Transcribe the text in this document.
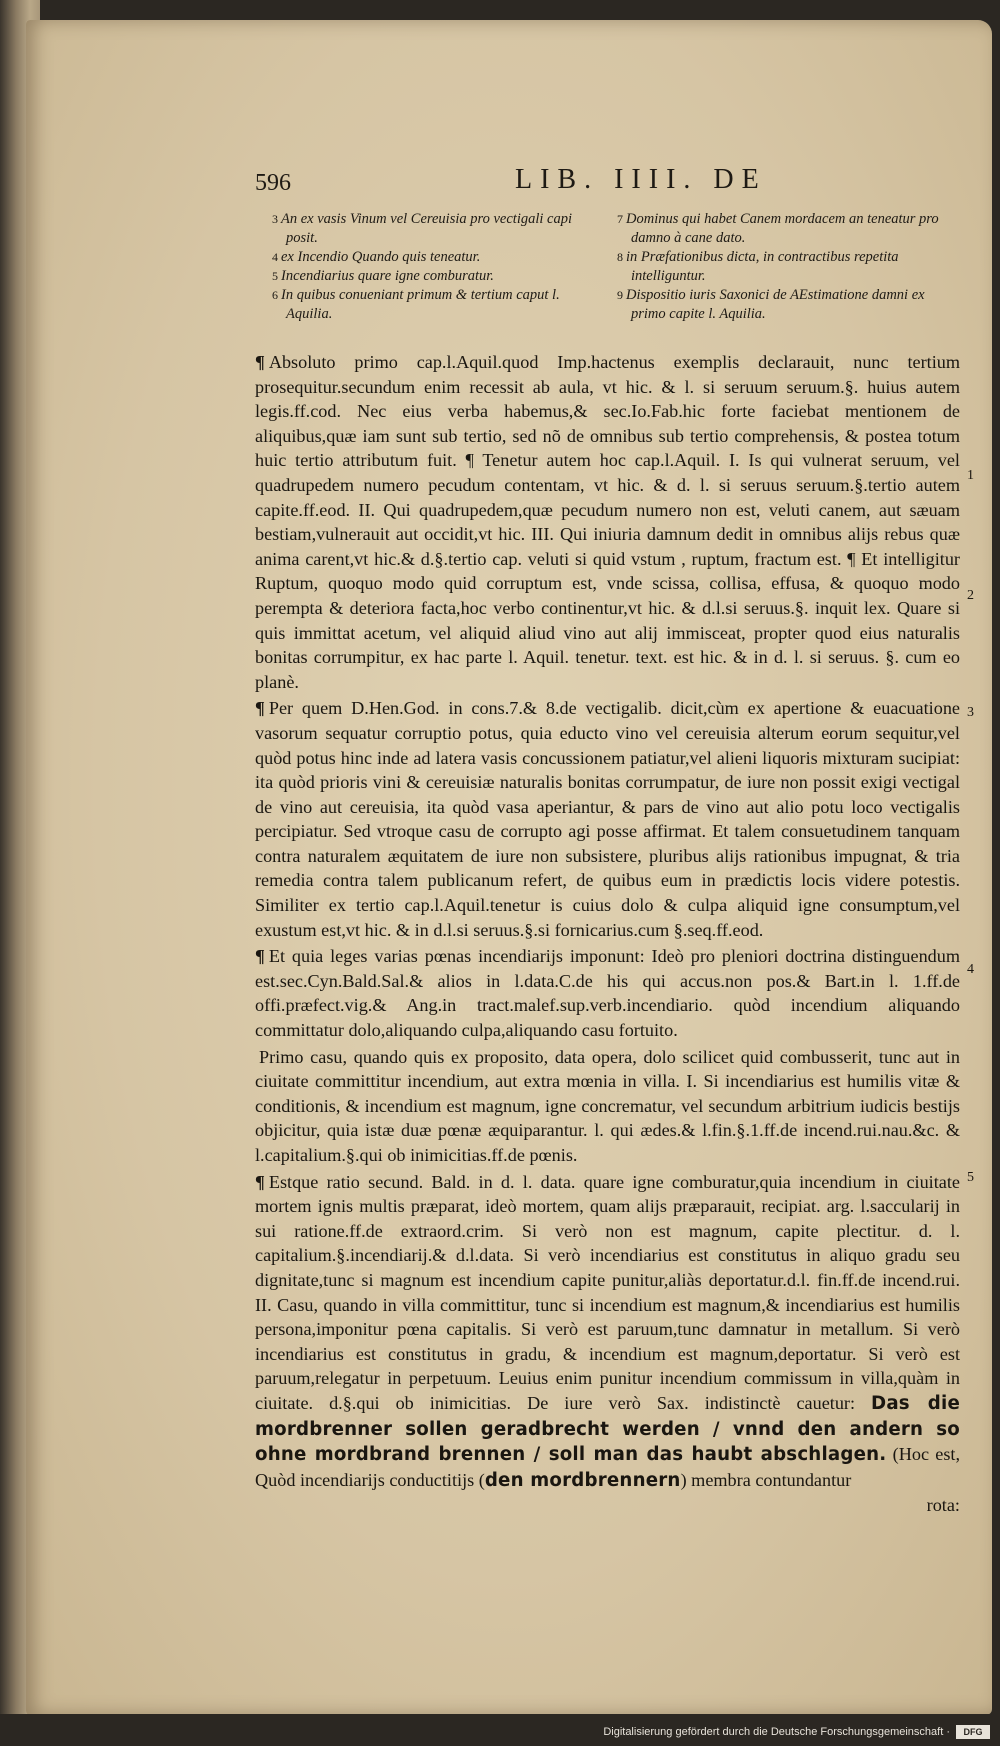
596	LIB. IIII. DE
3 An ex vasis Vinum vel Cereuisia pro vectigali capi posit.
4 ex Incendio Quando quis teneatur.
5 Incendiarius quare igne comburatur.
6 In quibus conueniant primum & tertium caput l. Aquilia.
7 Dominus qui habet Canem mordacem an teneatur pro damno à cane dato.
8 in Præfationibus dicta, in contractibus repetita intelliguntur.
9 Dispositio iuris Saxonici de AEstimatione damni ex primo capite l. Aquilia.
1
2
3
4
5

¶ Absoluto primo cap.l.Aquil.quod Imp.hactenus exemplis declarauit, nunc tertium prosequitur.secundum enim recessit ab aula, vt hic. & l. si seruum seruum.§. huius autem legis.ff.cod. Nec eius verba habemus,& sec.Io.Fab.hic forte faciebat mentionem de aliquibus,quæ iam sunt sub tertio, sed nõ de omnibus sub tertio comprehensis, & postea totum huic tertio attributum fuit. ¶ Tenetur autem hoc cap.l.Aquil. I. Is qui vulnerat seruum, vel quadrupedem numero pecudum contentam, vt hic. & d. l. si seruus seruum.§.tertio autem capite.ff.eod. II. Qui quadrupedem,quæ pecudum numero non est, veluti canem, aut sæuam bestiam,vulnerauit aut occidit,vt hic. III. Qui iniuria damnum dedit in omnibus alijs rebus quæ anima carent,vt hic.& d.§.tertio cap. veluti si quid vstum , ruptum, fractum est. ¶ Et intelligitur Ruptum, quoquo modo quid corruptum est, vnde scissa, collisa, effusa, & quoquo modo perempta & deteriora facta,hoc verbo continentur,vt hic. & d.l.si seruus.§. inquit lex. Quare si quis immittat acetum, vel aliquid aliud vino aut alij immisceat, propter quod eius naturalis bonitas corrumpitur, ex hac parte l. Aquil. tenetur. text. est hic. & in d. l. si seruus. §. cum eo planè.

¶ Per quem D.Hen.God. in cons.7.& 8.de vectigalib. dicit,cùm ex apertione & euacuatione vasorum sequatur corruptio potus, quia educto vino vel cereuisia alterum eorum sequitur,vel quòd potus hinc inde ad latera vasis concussionem patiatur,vel alieni liquoris mixturam sucipiat: ita quòd prioris vini & cereuisiæ naturalis bonitas corrumpatur, de iure non possit exigi vectigal de vino aut cereuisia, ita quòd vasa aperiantur, & pars de vino aut alio potu loco vectigalis percipiatur. Sed vtroque casu de corrupto agi posse affirmat. Et talem consuetudinem tanquam contra naturalem æquitatem de iure non subsistere, pluribus alijs rationibus impugnat, & tria remedia contra talem publicanum refert, de quibus eum in prædictis locis videre potestis. Similiter ex tertio cap.l.Aquil.tenetur is cuius dolo & culpa aliquid igne consumptum,vel exustum est,vt hic. & in d.l.si seruus.§.si fornicarius.cum §.seq.ff.eod.

¶ Et quia leges varias pœnas incendiarijs imponunt: Ideò pro pleniori doctrina distinguendum est.sec.Cyn.Bald.Sal.& alios in l.data.C.de his qui accus.non pos.& Bart.in l. 1.ff.de offi.præfect.vig.& Ang.in tract.malef.sup.verb.incendiario. quòd incendium aliquando committatur dolo,aliquando culpa,aliquando casu fortuito.

Primo casu, quando quis ex proposito, data opera, dolo scilicet quid combusserit, tunc aut in ciuitate committitur incendium, aut extra mœnia in villa. I. Si incendiarius est humilis vitæ & conditionis, & incendium est magnum, igne concrematur, vel secundum arbitrium iudicis bestijs objicitur, quia istæ duæ pœnæ æquiparantur. l. qui ædes.& l.fin.§.1.ff.de incend.rui.nau.&c. & l.capitalium.§.qui ob inimicitias.ff.de pœnis.

¶ Estque ratio secund. Bald. in d. l. data. quare igne comburatur,quia incendium in ciuitate mortem ignis multis præparat, ideò mortem, quam alijs præparauit, recipiat. arg. l.saccularij in sui ratione.ff.de extraord.crim. Si verò non est magnum, capite plectitur. d. l. capitalium.§.incendiarij.& d.l.data. Si verò incendiarius est constitutus in aliquo gradu seu dignitate,tunc si magnum est incendium capite punitur,aliàs deportatur.d.l. fin.ff.de incend.rui. II. Casu, quando in villa committitur, tunc si incendium est magnum,& incendiarius est humilis persona,imponitur pœna capitalis. Si verò est paruum,tunc damnatur in metallum. Si verò incendiarius est constitutus in gradu, & incendium est magnum,deportatur. Si verò est paruum,relegatur in perpetuum. Leuius enim punitur incendium commissum in villa,quàm in ciuitate. d.§.qui ob inimicitias. De iure verò Sax. indistinctè cauetur: Das die mordbrenner sollen geradbrecht werden / vnnd den andern so ohne mordbrand brennen / soll man das haubt abschlagen. (Hoc est, Quòd incendiarijs conductitijs (den mordbrennern) membra contundantur

rota:
Digitalisierung gefördert durch die Deutsche Forschungsgemeinschaft ·	DFG
